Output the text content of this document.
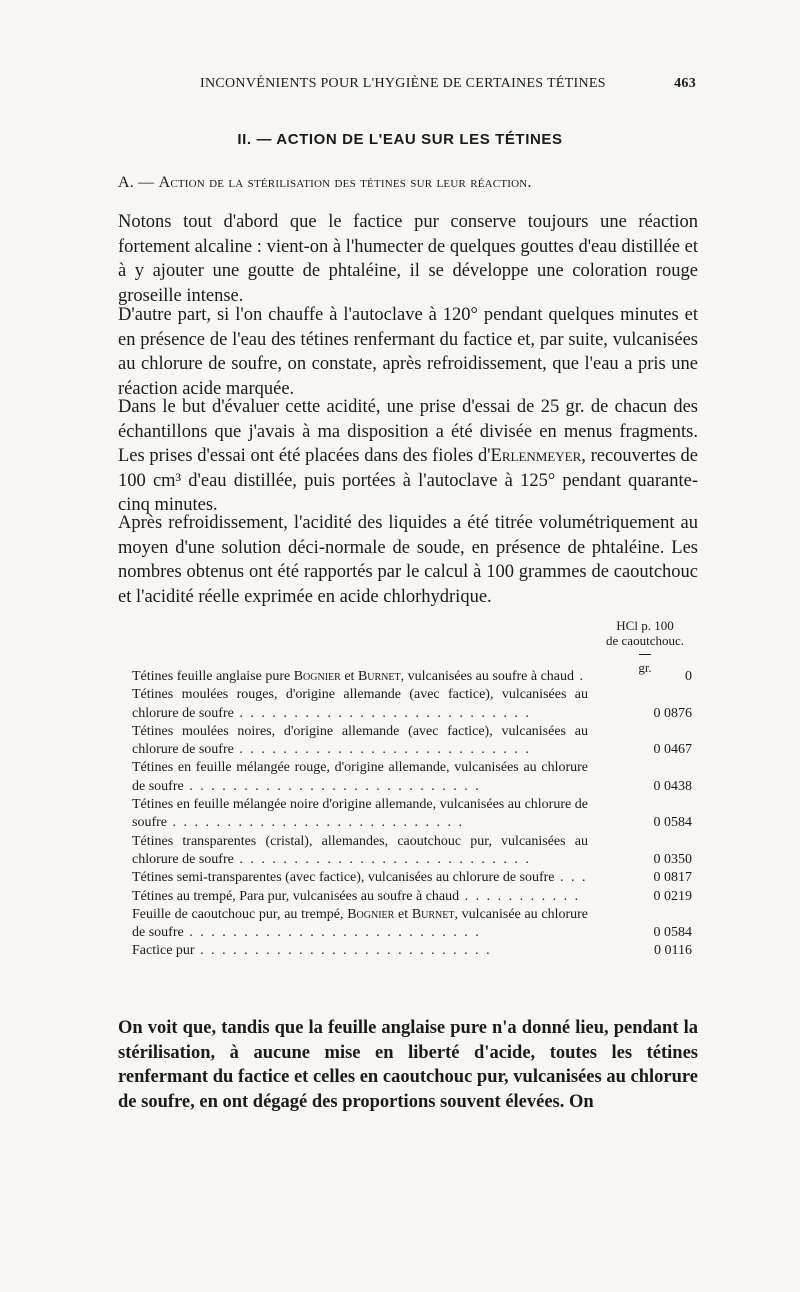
INCONVÉNIENTS POUR L'HYGIÈNE DE CERTAINES TÉTINES	463
II. — ACTION DE L'EAU SUR LES TÉTINES
A. — Action de la stérilisation des tétines sur leur réaction.

Notons tout d'abord que le factice pur conserve toujours une réaction fortement alcaline : vient-on à l'humecter de quelques gouttes d'eau distillée et à y ajouter une goutte de phtaléine, il se développe une coloration rouge groseille intense.

D'autre part, si l'on chauffe à l'autoclave à 120° pendant quelques minutes et en présence de l'eau des tétines renfermant du factice et, par suite, vulcanisées au chlorure de soufre, on constate, après refroidissement, que l'eau a pris une réaction acide marquée.

Dans le but d'évaluer cette acidité, une prise d'essai de 25 gr. de chacun des échantillons que j'avais à ma disposition a été divisée en menus fragments. Les prises d'essai ont été placées dans des fioles d'Erlenmeyer, recouvertes de 100 cm³ d'eau distillée, puis portées à l'autoclave à 125° pendant quarante-cinq minutes.

Après refroidissement, l'acidité des liquides a été titrée volumétriquement au moyen d'une solution déci-normale de soude, en présence de phtaléine. Les nombres obtenus ont été rapportés par le calcul à 100 grammes de caoutchouc et l'acidité réelle exprimée en acide chlorhydrique.

HCl p. 100
de caoutchouc.
gr.
Tétines feuille anglaise pure Bognier et Burnet, vulcanisées au soufre à chaud .	0
Tétines moulées rouges, d'origine allemande (avec factice), vulcanisées au chlorure de soufre . . . . . . . . . . . . . . . . . . . . . . . . . . .	0 0876
Tétines moulées noires, d'origine allemande (avec factice), vulcanisées au chlorure de soufre . . . . . . . . . . . . . . . . . . . . . . . . . . .	0 0467
Tétines en feuille mélangée rouge, d'origine allemande, vulcanisées au chlorure de soufre . . . . . . . . . . . . . . . . . . . . . . . . . . .	0 0438
Tétines en feuille mélangée noire d'origine allemande, vulcanisées au chlorure de soufre . . . . . . . . . . . . . . . . . . . . . . . . . . .	0 0584
Tétines transparentes (cristal), allemandes, caoutchouc pur, vulcanisées au chlorure de soufre . . . . . . . . . . . . . . . . . . . . . . . . . . .	0 0350
Tétines semi-transparentes (avec factice), vulcanisées au chlorure de soufre . . .	0 0817
Tétines au trempé, Para pur, vulcanisées au soufre à chaud . . . . . . . . . . .	0 0219
Feuille de caoutchouc pur, au trempé, Bognier et Burnet, vulcanisée au chlorure de soufre . . . . . . . . . . . . . . . . . . . . . . . . . . .	0 0584
Factice pur . . . . . . . . . . . . . . . . . . . . . . . . . . .	0 0116

On voit que, tandis que la feuille anglaise pure n'a donné lieu, pendant la stérilisation, à aucune mise en liberté d'acide, toutes les tétines renfermant du factice et celles en caoutchouc pur, vulcanisées au chlorure de soufre, en ont dégagé des proportions souvent élevées. On
